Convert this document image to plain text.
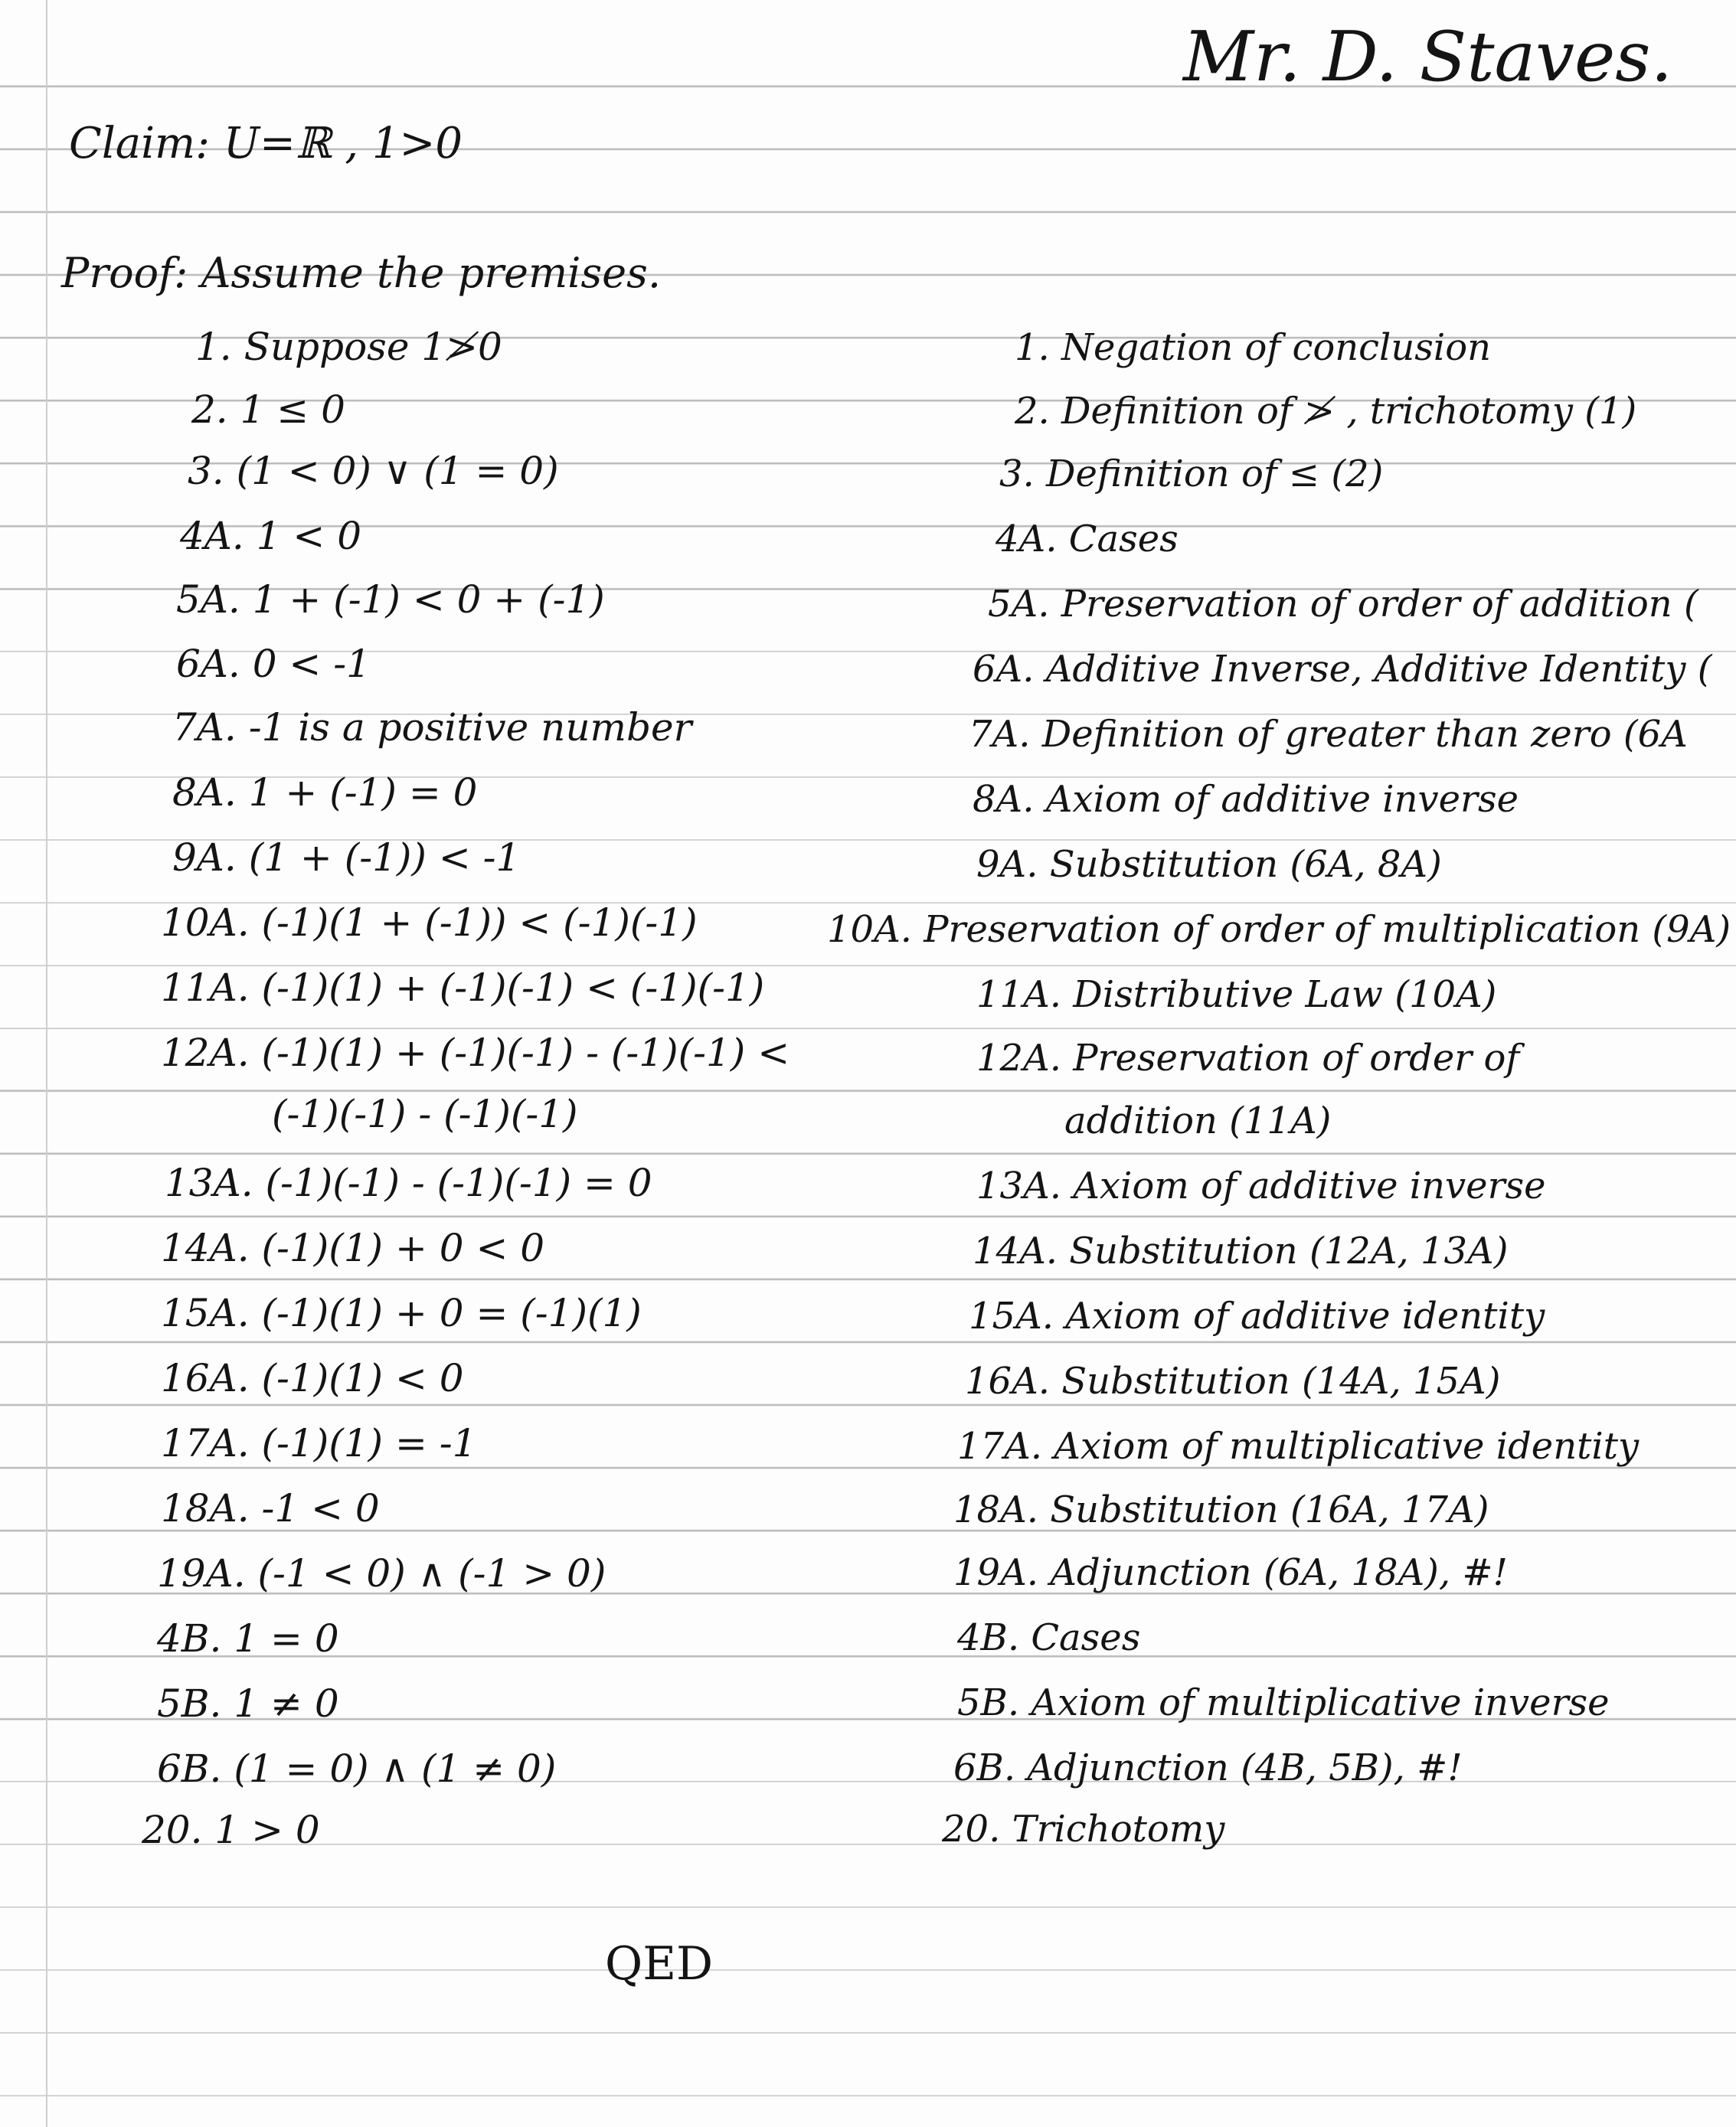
Mr. D. Staves.
Claim: U=ℝ , 1>0
Proof: Assume the premises.
1. Suppose 1≯0
2. 1 ≤ 0
3. (1 < 0) ∨ (1 = 0)
4A. 1 < 0
5A. 1 + (-1) < 0 + (-1)
6A. 0 < -1
7A. -1 is a positive number
8A. 1 + (-1) = 0
9A. (1 + (-1)) < -1
10A. (-1)(1 + (-1)) < (-1)(-1)
11A. (-1)(1) + (-1)(-1) < (-1)(-1)
12A. (-1)(1) + (-1)(-1) - (-1)(-1) <
(-1)(-1) - (-1)(-1)
13A. (-1)(-1) - (-1)(-1) = 0
14A. (-1)(1) + 0 < 0
15A. (-1)(1) + 0 = (-1)(1)
16A. (-1)(1) < 0
17A. (-1)(1) = -1
18A. -1 < 0
19A. (-1 < 0) ∧ (-1 > 0)
4B. 1 = 0
5B. 1 ≠ 0
6B. (1 = 0) ∧ (1 ≠ 0)
20. 1 > 0
1. Negation of conclusion
2. Definition of ≯ , trichotomy (1)
3. Definition of ≤ (2)
4A. Cases
5A. Preservation of order of addition (
6A. Additive Inverse, Additive Identity (
7A. Definition of greater than zero (6A
8A. Axiom of additive inverse
9A. Substitution (6A, 8A)
10A. Preservation of order of multiplication (9A)
11A. Distributive Law (10A)
12A. Preservation of order of
addition (11A)
13A. Axiom of additive inverse
14A. Substitution (12A, 13A)
15A. Axiom of additive identity
16A. Substitution (14A, 15A)
17A. Axiom of multiplicative identity
18A. Substitution (16A, 17A)
19A. Adjunction (6A, 18A), #!
4B. Cases
5B. Axiom of multiplicative inverse
6B. Adjunction (4B, 5B), #!
20. Trichotomy
QED
